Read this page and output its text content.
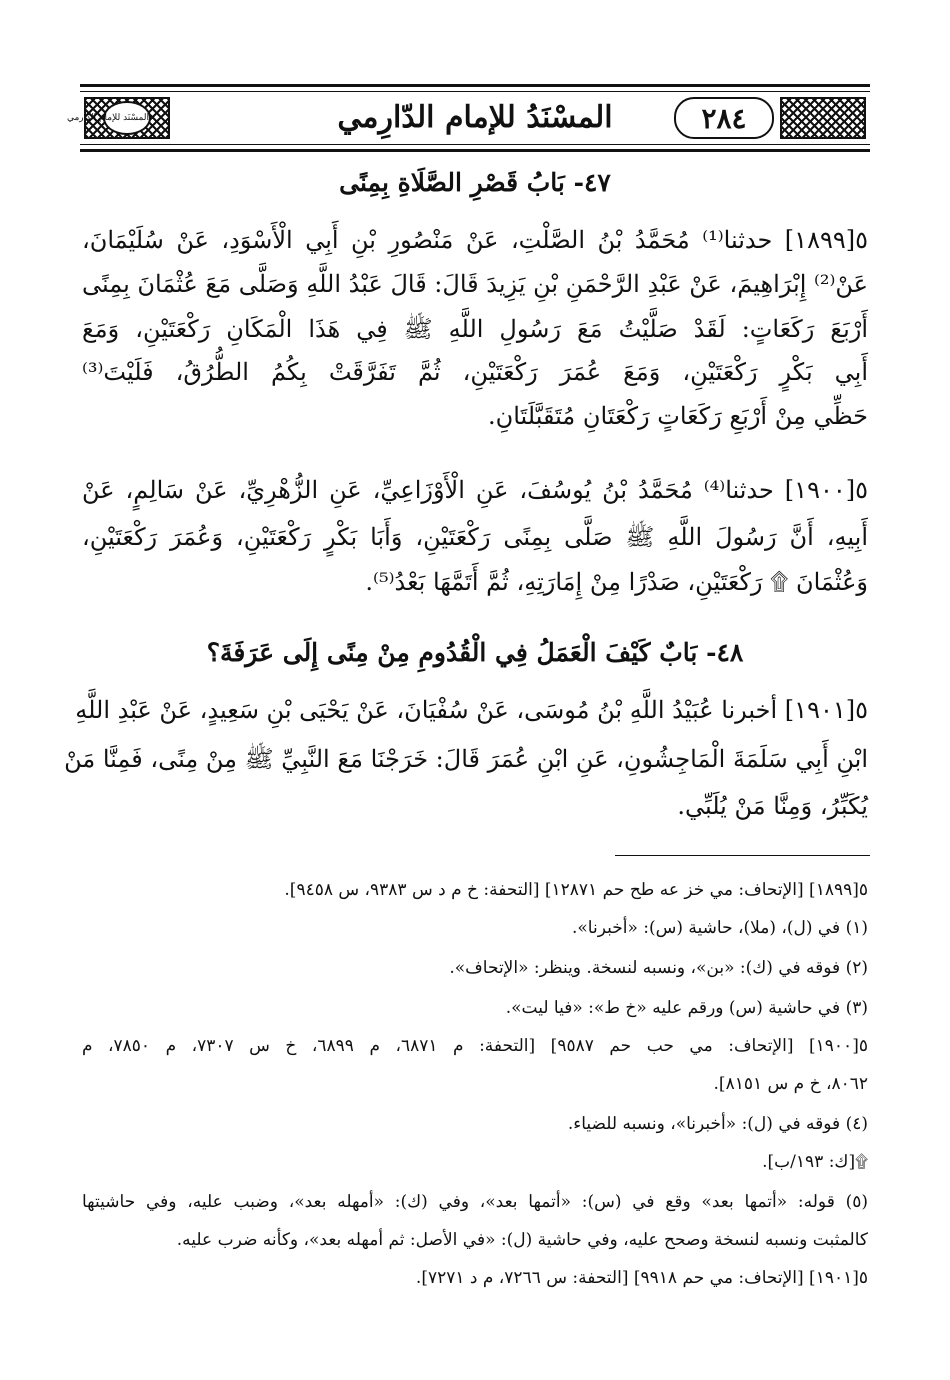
٢٨٤
المسْنَدُ للإمام الدّارِمي
المسْنَد للإمام الدّارمي
٤٧- بَابُ قَصْرِ الصَّلَاةِ بِمِنًى
٥[١٨٩٩] حدثنا⁽¹⁾ مُحَمَّدُ بْنُ الصَّلْتِ، عَنْ مَنْصُورِ بْنِ أَبِي الْأَسْوَدِ، عَنْ سُلَيْمَانَ،
عَنْ⁽²⁾ إِبْرَاهِيمَ، عَنْ عَبْدِ الرَّحْمَنِ بْنِ يَزِيدَ قَالَ: قَالَ عَبْدُ اللَّهِ وَصَلَّى مَعَ عُثْمَانَ بِمِنًى
أَرْبَعَ رَكَعَاتٍ: لَقَدْ صَلَّيْتُ مَعَ رَسُولِ اللَّهِ ﷺ فِي هَذَا الْمَكَانِ رَكْعَتَيْنِ، وَمَعَ
أَبِي بَكْرٍ رَكْعَتَيْنِ، وَمَعَ عُمَرَ رَكْعَتَيْنِ، ثُمَّ تَفَرَّقَتْ بِكُمُ الطُّرُقُ، فَلَيْتَ⁽³⁾
حَظِّي مِنْ أَرْبَعِ رَكَعَاتٍ رَكْعَتَانِ مُتَقَبَّلَتَانِ.
٥[١٩٠٠] حدثنا⁽⁴⁾ مُحَمَّدُ بْنُ يُوسُفَ، عَنِ الْأَوْزَاعِيِّ، عَنِ الزُّهْرِيِّ، عَنْ سَالِمٍ، عَنْ
أَبِيهِ، أَنَّ رَسُولَ اللَّهِ ﷺ صَلَّى بِمِنًى رَكْعَتَيْنِ، وَأَبَا بَكْرٍ رَكْعَتَيْنِ، وَعُمَرَ رَكْعَتَيْنِ،
وَعُثْمَانَ ۩ رَكْعَتَيْنِ، صَدْرًا مِنْ إِمَارَتِهِ، ثُمَّ أَتَمَّهَا بَعْدُ⁽⁵⁾.
٤٨- بَابٌ كَيْفَ الْعَمَلُ فِي الْقُدُومِ مِنْ مِنًى إِلَى عَرَفَةَ؟
٥[١٩٠١] أخبرنا عُبَيْدُ اللَّهِ بْنُ مُوسَى، عَنْ سُفْيَانَ، عَنْ يَحْيَى بْنِ سَعِيدٍ، عَنْ عَبْدِ اللَّهِ
ابْنِ أَبِي سَلَمَةَ الْمَاجِشُونِ، عَنِ ابْنِ عُمَرَ قَالَ: خَرَجْنَا مَعَ النَّبِيِّ ﷺ مِنْ مِنًى، فَمِنَّا مَنْ
يُكَبِّرُ، وَمِنَّا مَنْ يُلَبِّي.
٥[١٨٩٩] [الإتحاف: مي خز عه طح حم ١٢٨٧١] [التحفة: خ م د س ٩٣٨٣، س ٩٤٥٨].
(١) في (ل)، (ملا)، حاشية (س): «أخبرنا».
(٢) فوقه في (ك): «بن»، ونسبه لنسخة. وينظر: «الإتحاف».
(٣) في حاشية (س) ورقم عليه «خ ط»: «فيا ليت».
٥[١٩٠٠] [الإتحاف: مي حب حم ٩٥٨٧] [التحفة: م ٦٨٧١، م ٦٨٩٩، خ س ٧٣٠٧، م ٧٨٥٠، م
٨٠٦٢، خ م س ٨١٥١].
(٤) فوقه في (ل): «أخبرنا»، ونسبه للضياء.
۩[ك: ١٩٣/ب].
(٥) قوله: «أتمها بعد» وقع في (س): «أتمها بعد»، وفي (ك): «أمهله بعد»، وضبب عليه، وفي حاشيتها
كالمثبت ونسبه لنسخة وصحح عليه، وفي حاشية (ل): «في الأصل: ثم أمهله بعد»، وكأنه ضرب عليه.
٥[١٩٠١] [الإتحاف: مي حم ٩٩١٨] [التحفة: س ٧٢٦٦، م د ٧٢٧١].
